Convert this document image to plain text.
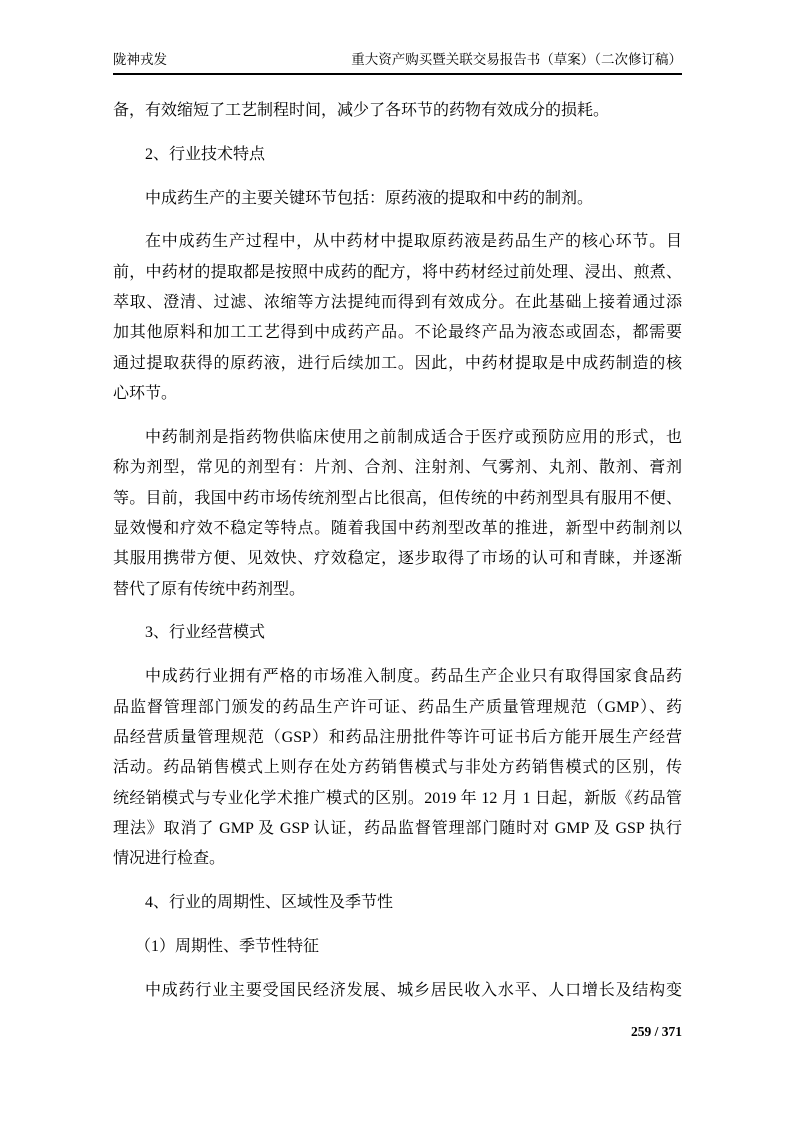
陇神戎发	重大资产购买暨关联交易报告书（草案）（二次修订稿）
备，有效缩短了工艺制程时间，减少了各环节的药物有效成分的损耗。
2、行业技术特点
中成药生产的主要关键环节包括：原药液的提取和中药的制剂。
在中成药生产过程中，从中药材中提取原药液是药品生产的核心环节。目
前，中药材的提取都是按照中成药的配方，将中药材经过前处理、浸出、煎煮、
萃取、澄清、过滤、浓缩等方法提纯而得到有效成分。在此基础上接着通过添
加其他原料和加工工艺得到中成药产品。不论最终产品为液态或固态，都需要
通过提取获得的原药液，进行后续加工。因此，中药材提取是中成药制造的核
心环节。
中药制剂是指药物供临床使用之前制成适合于医疗或预防应用的形式，也
称为剂型，常见的剂型有：片剂、合剂、注射剂、气雾剂、丸剂、散剂、膏剂
等。目前，我国中药市场传统剂型占比很高，但传统的中药剂型具有服用不便、
显效慢和疗效不稳定等特点。随着我国中药剂型改革的推进，新型中药制剂以
其服用携带方便、见效快、疗效稳定，逐步取得了市场的认可和青睐，并逐渐
替代了原有传统中药剂型。
3、行业经营模式
中成药行业拥有严格的市场准入制度。药品生产企业只有取得国家食品药
品监督管理部门颁发的药品生产许可证、药品生产质量管理规范（GMP）、药
品经营质量管理规范（GSP）和药品注册批件等许可证书后方能开展生产经营
活动。药品销售模式上则存在处方药销售模式与非处方药销售模式的区别，传
统经销模式与专业化学术推广模式的区别。2019 年 12 月 1 日起，新版《药品管
理法》取消了 GMP 及 GSP 认证，药品监督管理部门随时对 GMP 及 GSP 执行
情况进行检查。
4、行业的周期性、区域性及季节性
（1）周期性、季节性特征
中成药行业主要受国民经济发展、城乡居民收入水平、人口增长及结构变
259 / 371
